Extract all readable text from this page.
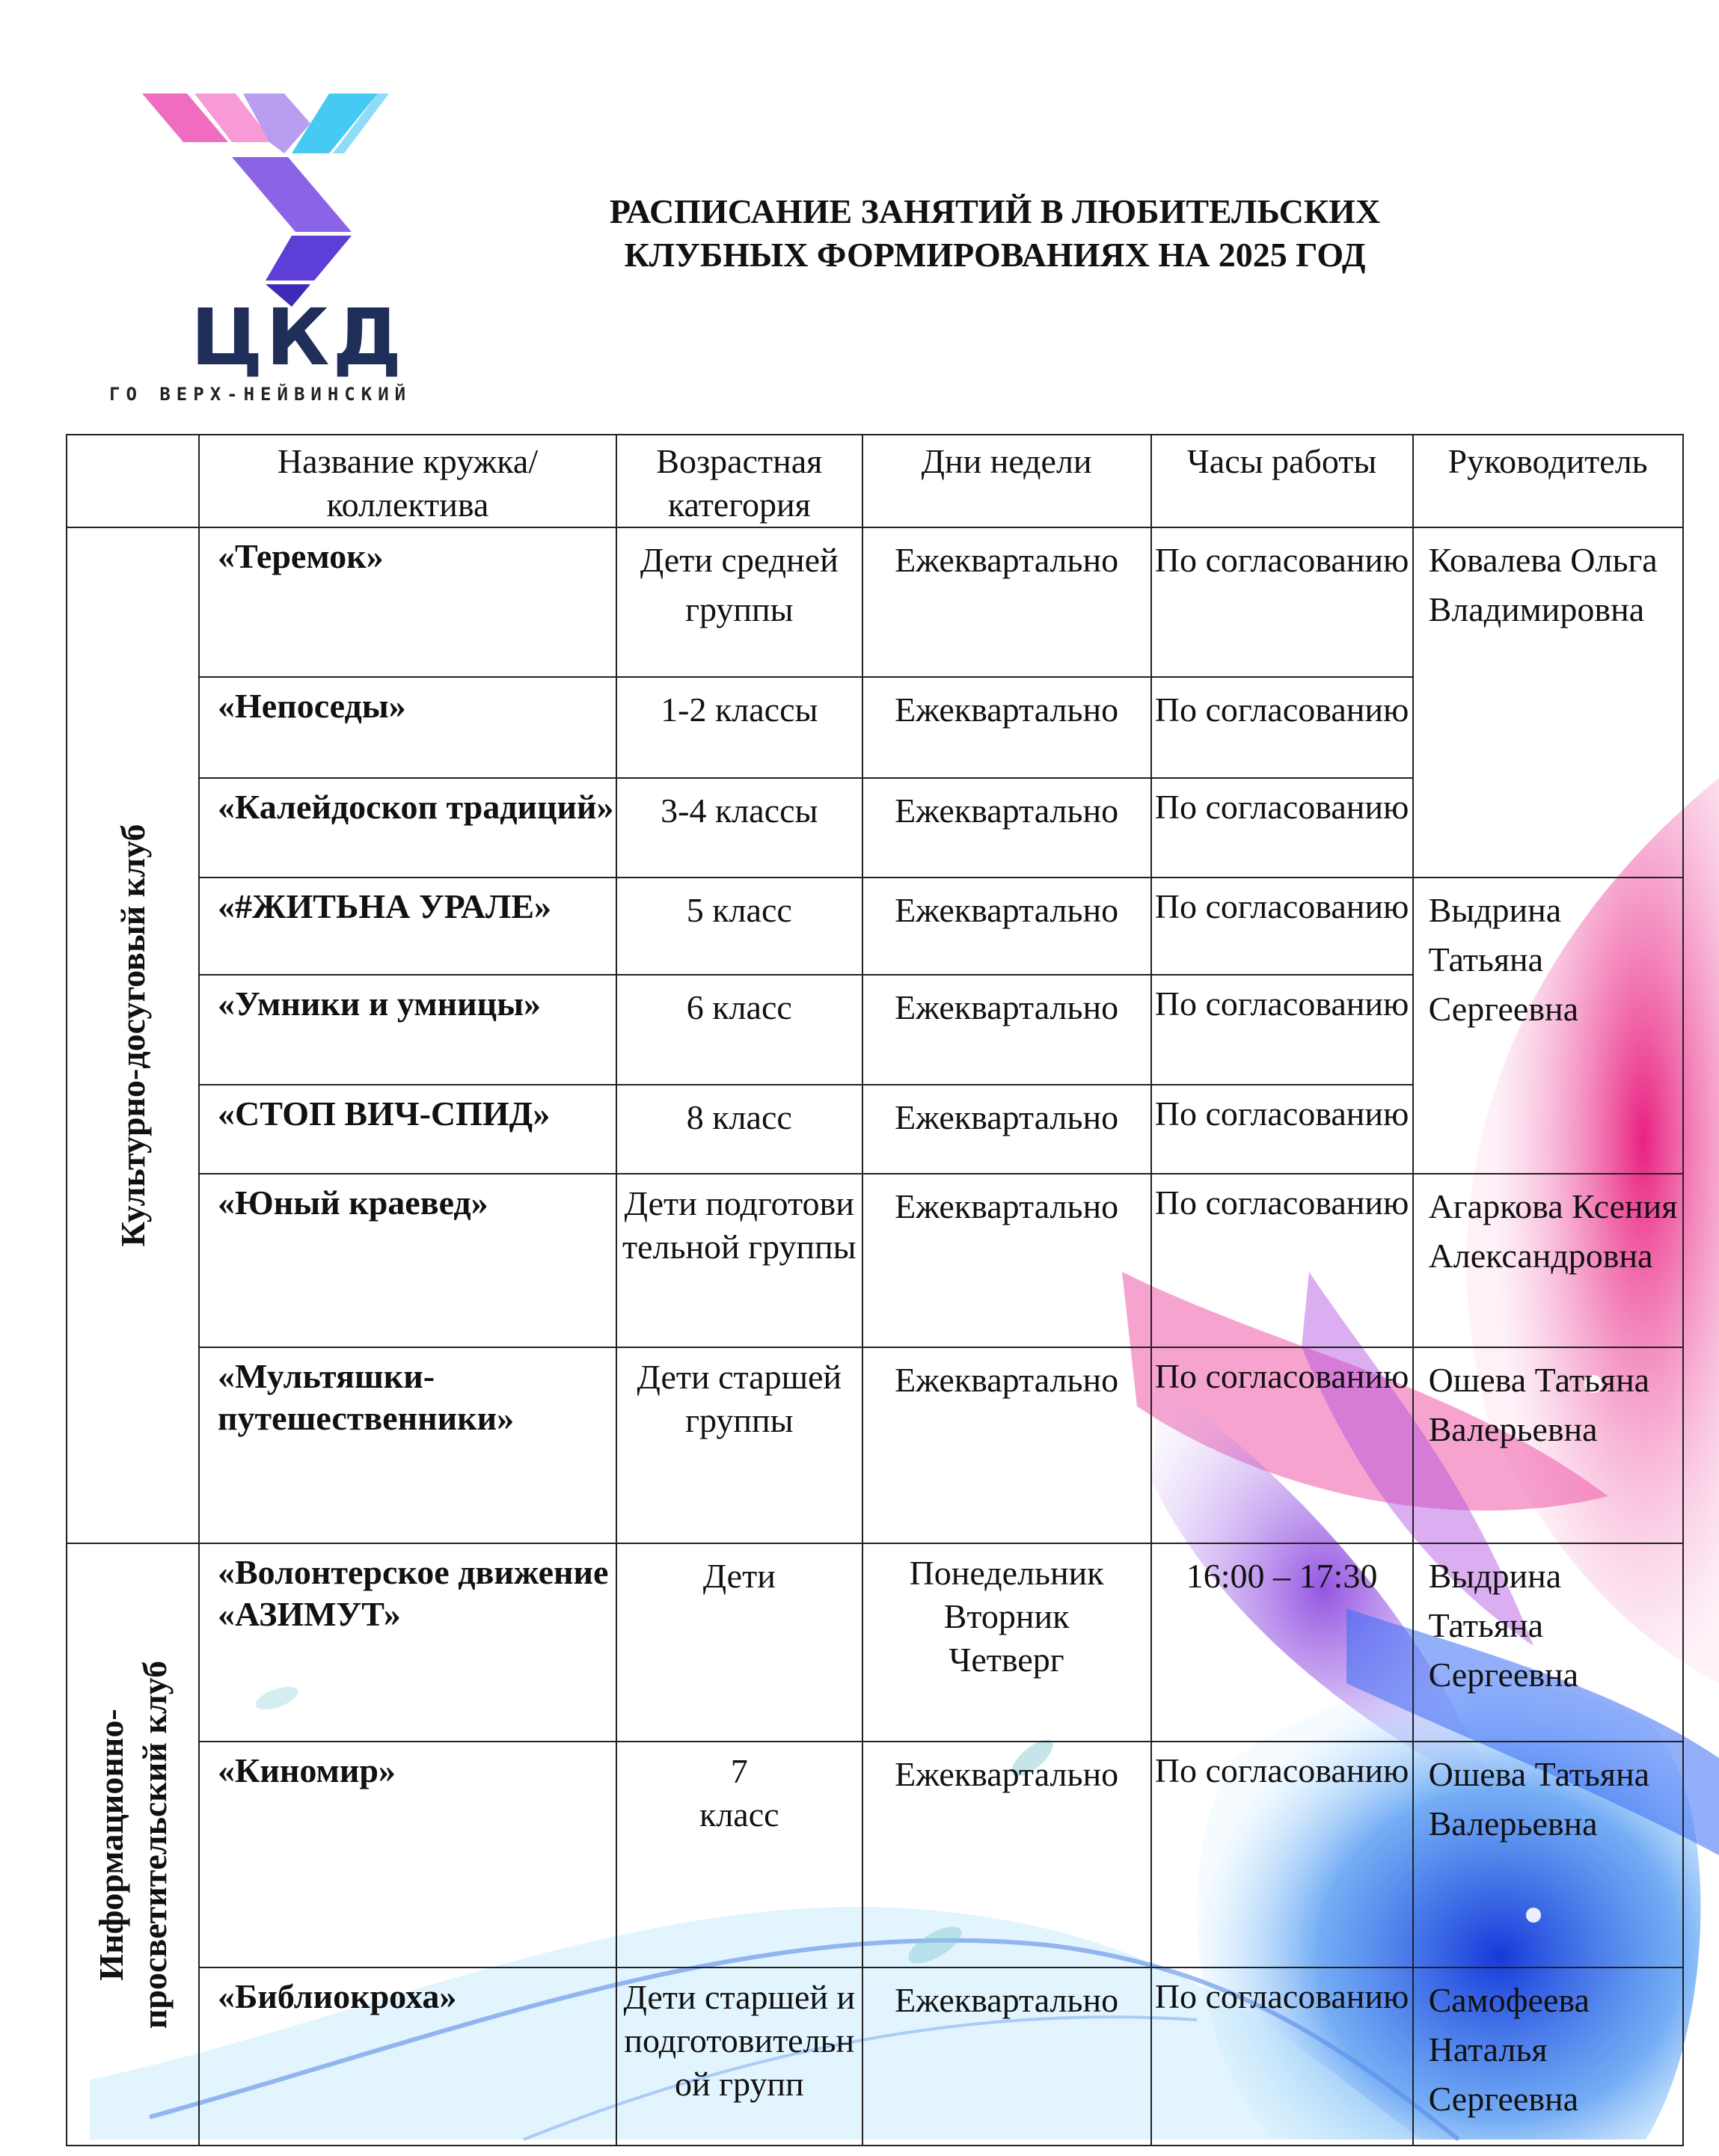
ЦКД
ГО ВЕРХ-НЕЙВИНСКИЙ
РАСПИСАНИЕ ЗАНЯТИЙ В ЛЮБИТЕЛЬСКИХ
КЛУБНЫХ ФОРМИРОВАНИЯХ НА 2025 ГОД
	Название кружка/коллектива	Возрастная категория	Дни недели	Часы работы	Руководитель

Культурно-досуговый клуб	«Теремок»	Дети средней группы	Ежеквартально	По согласованию	Ковалева Ольга Владимировна
	«Непоседы»	1-2 классы	Ежеквартально	По согласованию	
	«Калейдоскоп традиций»	3-4 классы	Ежеквартально	По согласованию	
	«#ЖИТЬНА УРАЛЕ»	5 класс	Ежеквартально	По согласованию	Выдрина Татьяна Сергеевна
	«Умники и умницы»	6 класс	Ежеквартально	По согласованию	
	«СТОП ВИЧ-СПИД»	8 класс	Ежеквартально	По согласованию	
	«Юный краевед»	Дети подготовительной группы	Ежеквартально	По согласованию	Агаркова Ксения Александровна
	«Мультяшки-путешественники»	Дети старшей группы	Ежеквартально	По согласованию	Ошева Татьяна Валерьевна

Информационно-просветительский клуб	«Волонтерское движение «АЗИМУТ»	Дети	Понедельник Вторник Четверг	16:00 – 17:30	Выдрина Татьяна Сергеевна
	«Киномир»	7 класс	Ежеквартально	По согласованию	Ошева Татьяна Валерьевна
	«Библиокроха»	Дети старшей и подготовительной групп	Ежеквартально	По согласованию	Самофеева Наталья Сергеевна
